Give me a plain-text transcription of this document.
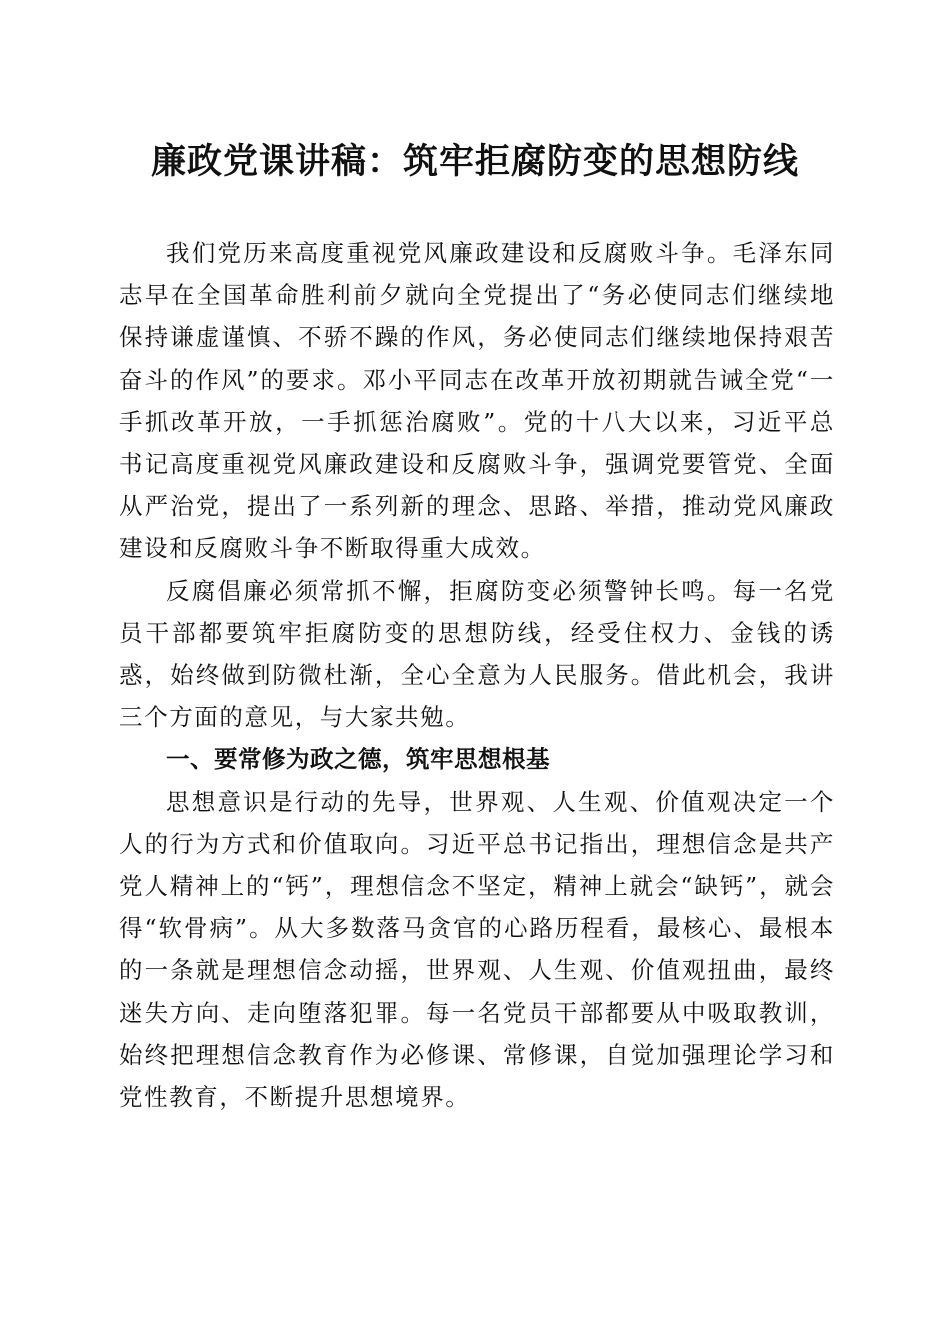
廉政党课讲稿：筑牢拒腐防变的思想防线

我们党历来高度重视党风廉政建设和反腐败斗争。毛泽东同志早在全国革命胜利前夕就向全党提出了“务必使同志们继续地保持谦虚谨慎、不骄不躁的作风，务必使同志们继续地保持艰苦奋斗的作风”的要求。邓小平同志在改革开放初期就告诫全党“一手抓改革开放，一手抓惩治腐败”。党的十八大以来，习近平总书记高度重视党风廉政建设和反腐败斗争，强调党要管党、全面从严治党，提出了一系列新的理念、思路、举措，推动党风廉政建设和反腐败斗争不断取得重大成效。

反腐倡廉必须常抓不懈，拒腐防变必须警钟长鸣。每一名党员干部都要筑牢拒腐防变的思想防线，经受住权力、金钱的诱惑，始终做到防微杜渐，全心全意为人民服务。借此机会，我讲三个方面的意见，与大家共勉。

一、要常修为政之德，筑牢思想根基

思想意识是行动的先导，世界观、人生观、价值观决定一个人的行为方式和价值取向。习近平总书记指出，理想信念是共产党人精神上的“钙”，理想信念不坚定，精神上就会“缺钙”，就会得“软骨病”。从大多数落马贪官的心路历程看，最核心、最根本的一条就是理想信念动摇，世界观、人生观、价值观扭曲，最终迷失方向、走向堕落犯罪。每一名党员干部都要从中吸取教训，始终把理想信念教育作为必修课、常修课，自觉加强理论学习和党性教育，不断提升思想境界。
